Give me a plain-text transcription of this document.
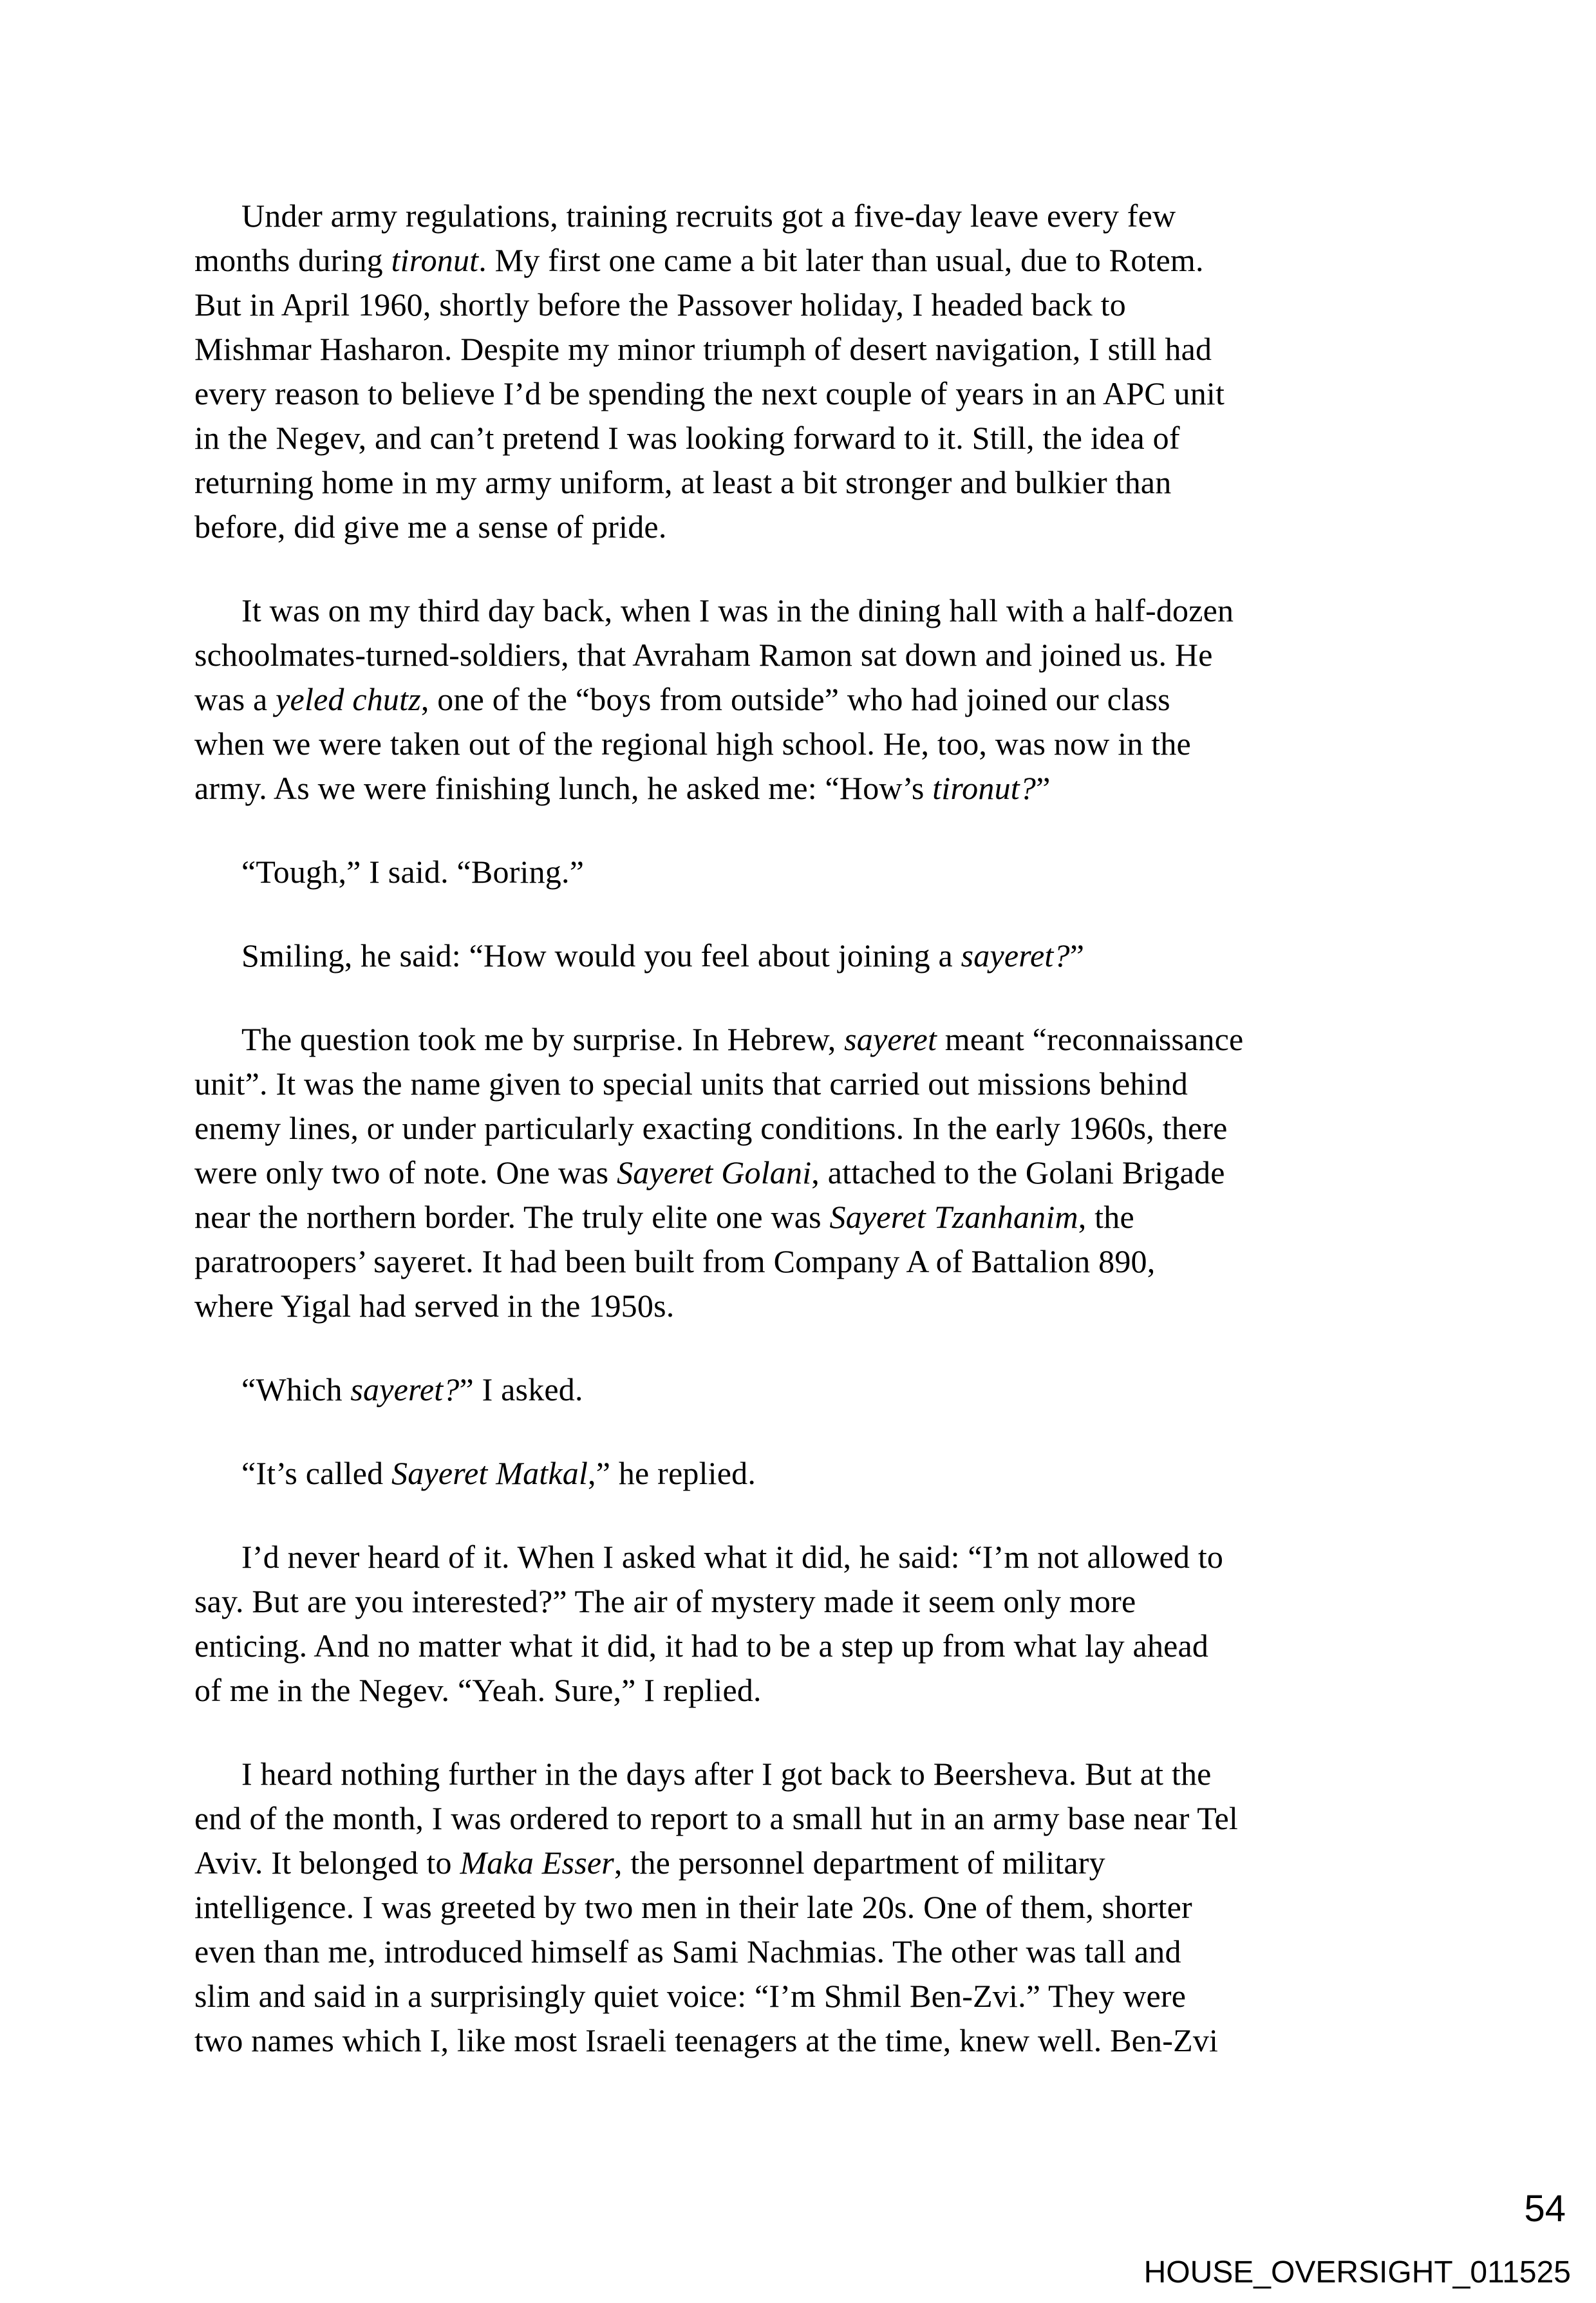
Under army regulations, training recruits got a five-day leave every few
months during tironut. My first one came a bit later than usual, due to Rotem.
But in April 1960, shortly before the Passover holiday, I headed back to
Mishmar Hasharon. Despite my minor triumph of desert navigation, I still had
every reason to believe I’d be spending the next couple of years in an APC unit
in the Negev, and can’t pretend I was looking forward to it. Still, the idea of
returning home in my army uniform, at least a bit stronger and bulkier than
before, did give me a sense of pride.
It was on my third day back, when I was in the dining hall with a half-dozen
schoolmates-turned-soldiers, that Avraham Ramon sat down and joined us. He
was a yeled chutz, one of the “boys from outside” who had joined our class
when we were taken out of the regional high school. He, too, was now in the
army. As we were finishing lunch, he asked me: “How’s tironut?”
“Tough,” I said. “Boring.”
Smiling, he said: “How would you feel about joining a sayeret?”
The question took me by surprise. In Hebrew, sayeret meant “reconnaissance
unit”. It was the name given to special units that carried out missions behind
enemy lines, or under particularly exacting conditions. In the early 1960s, there
were only two of note. One was Sayeret Golani, attached to the Golani Brigade
near the northern border. The truly elite one was Sayeret Tzanhanim, the
paratroopers’ sayeret. It had been built from Company A of Battalion 890,
where Yigal had served in the 1950s.
“Which sayeret?” I asked.
“It’s called Sayeret Matkal,” he replied.
I’d never heard of it. When I asked what it did, he said: “I’m not allowed to
say. But are you interested?” The air of mystery made it seem only more
enticing. And no matter what it did, it had to be a step up from what lay ahead
of me in the Negev. “Yeah. Sure,” I replied.
I heard nothing further in the days after I got back to Beersheva. But at the
end of the month, I was ordered to report to a small hut in an army base near Tel
Aviv. It belonged to Maka Esser, the personnel department of military
intelligence. I was greeted by two men in their late 20s. One of them, shorter
even than me, introduced himself as Sami Nachmias. The other was tall and
slim and said in a surprisingly quiet voice: “I’m Shmil Ben-Zvi.” They were
two names which I, like most Israeli teenagers at the time, knew well. Ben-Zvi
54
HOUSE_OVERSIGHT_011525
